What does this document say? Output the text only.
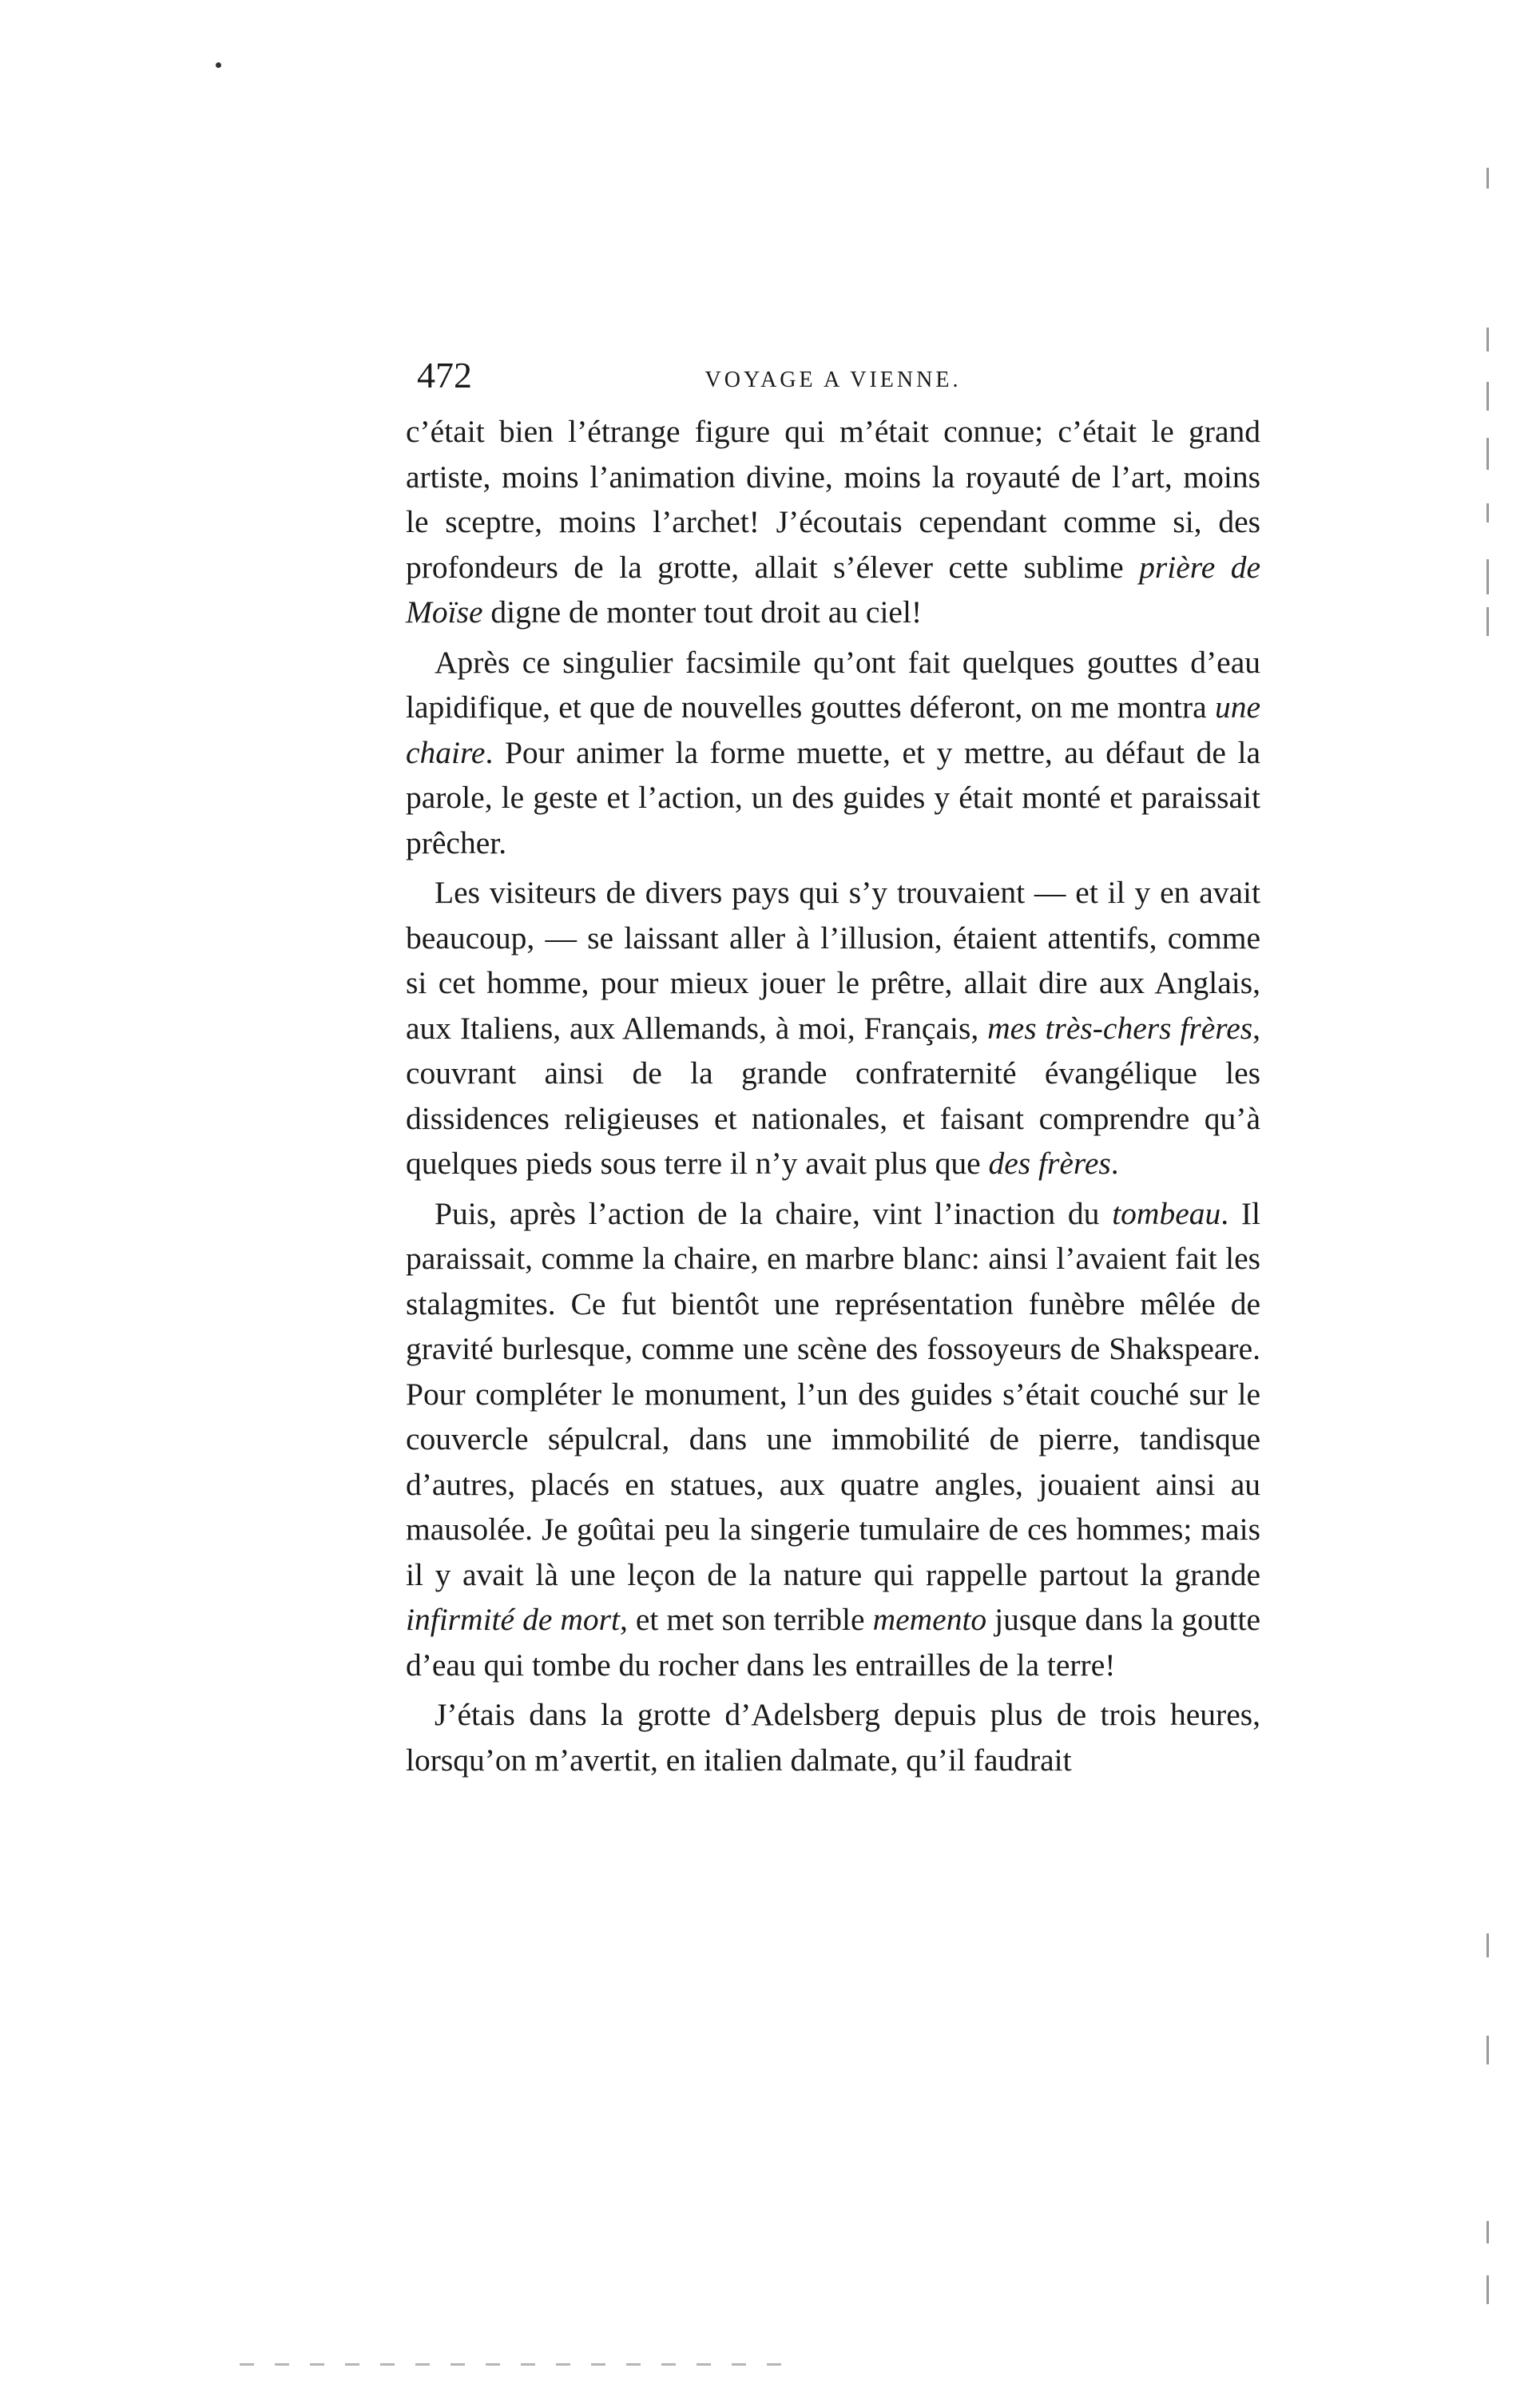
472	VOYAGE A VIENNE.

c’était bien l’étrange figure qui m’était connue; c’était le grand artiste, moins l’animation divine, moins la royauté de l’art, moins le sceptre, moins l’archet! J’écoutais cependant comme si, des profondeurs de la grotte, allait s’élever cette sublime prière de Moïse digne de monter tout droit au ciel!

Après ce singulier facsimile qu’ont fait quelques gouttes d’eau lapidifique, et que de nouvelles gouttes déferont, on me montra une chaire. Pour animer la forme muette, et y mettre, au défaut de la parole, le geste et l’action, un des guides y était monté et paraissait prêcher.

Les visiteurs de divers pays qui s’y trouvaient — et il y en avait beaucoup, — se laissant aller à l’illusion, étaient attentifs, comme si cet homme, pour mieux jouer le prêtre, allait dire aux Anglais, aux Italiens, aux Allemands, à moi, Français, mes très-chers frères, couvrant ainsi de la grande confraternité évangélique les dissidences religieuses et nationales, et faisant comprendre qu’à quelques pieds sous terre il n’y avait plus que des frères.

Puis, après l’action de la chaire, vint l’inaction du tombeau. Il paraissait, comme la chaire, en marbre blanc: ainsi l’avaient fait les stalagmites. Ce fut bientôt une représentation funèbre mêlée de gravité burlesque, comme une scène des fossoyeurs de Shakspeare. Pour compléter le monument, l’un des guides s’était couché sur le couvercle sépulcral, dans une immobilité de pierre, tandisque d’autres, placés en statues, aux quatre angles, jouaient ainsi au mausolée. Je goûtai peu la singerie tumulaire de ces hommes; mais il y avait là une leçon de la nature qui rappelle partout la grande infirmité de mort, et met son terrible memento jusque dans la goutte d’eau qui tombe du rocher dans les entrailles de la terre!

J’étais dans la grotte d’Adelsberg depuis plus de trois heures, lorsqu’on m’avertit, en italien dalmate, qu’il faudrait
